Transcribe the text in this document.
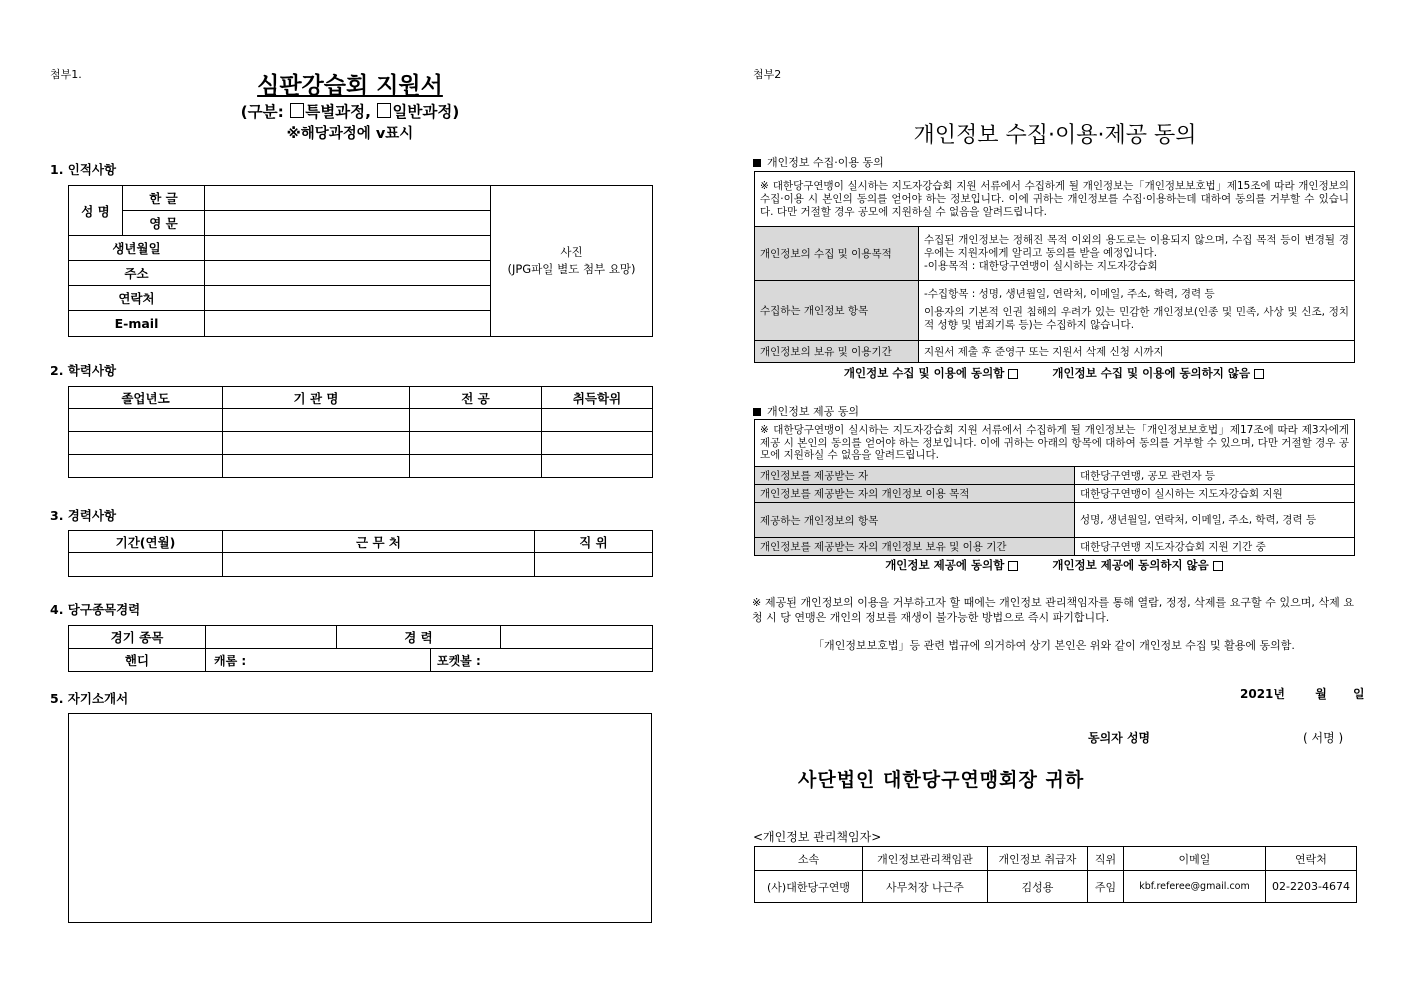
첨부1.	심판강습회 지원서
(구분: 특별과정, 일반과정)
※해당과정에 v표시
1. 인적사항
성 명	한 글		사진
(JPG파일 별도 첨부 요망)

	영 문		
생년월일			
주소			
연락처			
E-mail			
2. 학력사항
졸업년도	기 관 명	전 공	취득학위

3. 경력사항
기간(연월)	근 무 처	직 위

4. 당구종목경력
경기 종목		경 력		
핸디	캐롬 :		포켓볼 :	
5. 자기소개서
첨부2
개인정보 수집·이용·제공 동의
개인정보 수집·이용 동의
※ 대한당구연맹이 실시하는 지도자강습회 지원 서류에서 수집하게 될 개인정보는「개인정보보호법」제15조에 따라 개인정보의 수집·이용 시 본인의 동의를 얻어야 하는 정보입니다. 이에 귀하는 개인정보를 수집·이용하는데 대하여 동의를 거부할 수 있습니다. 다만 거절할 경우 공모에 지원하실 수 없음을 알려드립니다.	
개인정보의 수집 및 이용목적	수집된 개인정보는 정해진 목적 이외의 용도로는 이용되지 않으며, 수집 목적 등이 변경될 경우에는 지원자에게 알리고 동의를 받을 예정입니다.
-이용목적 : 대한당구연맹이 실시하는 지도자강습회

수집하는 개인정보 항목	-수집항목 : 성명, 생년월일, 연락처, 이메일, 주소, 학력, 경력 등
이용자의 기본적 인권 침해의 우려가 있는 민감한 개인정보(인종 및 민족, 사상 및 신조, 정치적 성향 및 범죄기록 등)는 수집하지 않습니다.

개인정보의 보유 및 이용기간	지원서 제출 후 준영구 또는 지원서 삭제 신청 시까지
개인정보 수집 및 이용에 동의함	개인정보 수집 및 이용에 동의하지 않음
개인정보 제공 동의
※ 대한당구연맹이 실시하는 지도자강습회 지원 서류에서 수집하게 될 개인정보는「개인정보보호법」제17조에 따라 제3자에게 제공 시 본인의 동의를 얻어야 하는 정보입니다. 이에 귀하는 아래의 항목에 대하여 동의를 거부할 수 있으며, 다만 거절할 경우 공모에 지원하실 수 없음을 알려드립니다.	
개인정보를 제공받는 자	대한당구연맹, 공모 관련자 등
개인정보를 제공받는 자의 개인정보 이용 목적	대한당구연맹이 실시하는 지도자강습회 지원
제공하는 개인정보의 항목	성명, 생년월일, 연락처, 이메일, 주소, 학력, 경력 등
개인정보를 제공받는 자의 개인정보 보유 및 이용 기간	대한당구연맹 지도자강습회 지원 기간 중
개인정보 제공에 동의함	개인정보 제공에 동의하지 않음
※ 제공된 개인정보의 이용을 거부하고자 할 때에는 개인정보 관리책임자를 통해 열람, 정정, 삭제를 요구할 수 있으며, 삭제 요청 시 당 연맹은 개인의 정보를 재생이 불가능한 방법으로 즉시 파기합니다.
「개인정보보호법」등 관련 법규에 의거하여 상기 본인은 위와 같이 개인정보 수집 및 활용에 동의함.
2021년	월 일
동의자 성명	( 서명 )
사단법인 대한당구연맹회장 귀하
<개인정보 관리책임자>
소속	개인정보관리책임관	개인정보 취급자	직위	이메일	연락처
(사)대한당구연맹	사무처장 나근주	김성용	주임	kbf.referee@gmail.com	02-2203-4674
